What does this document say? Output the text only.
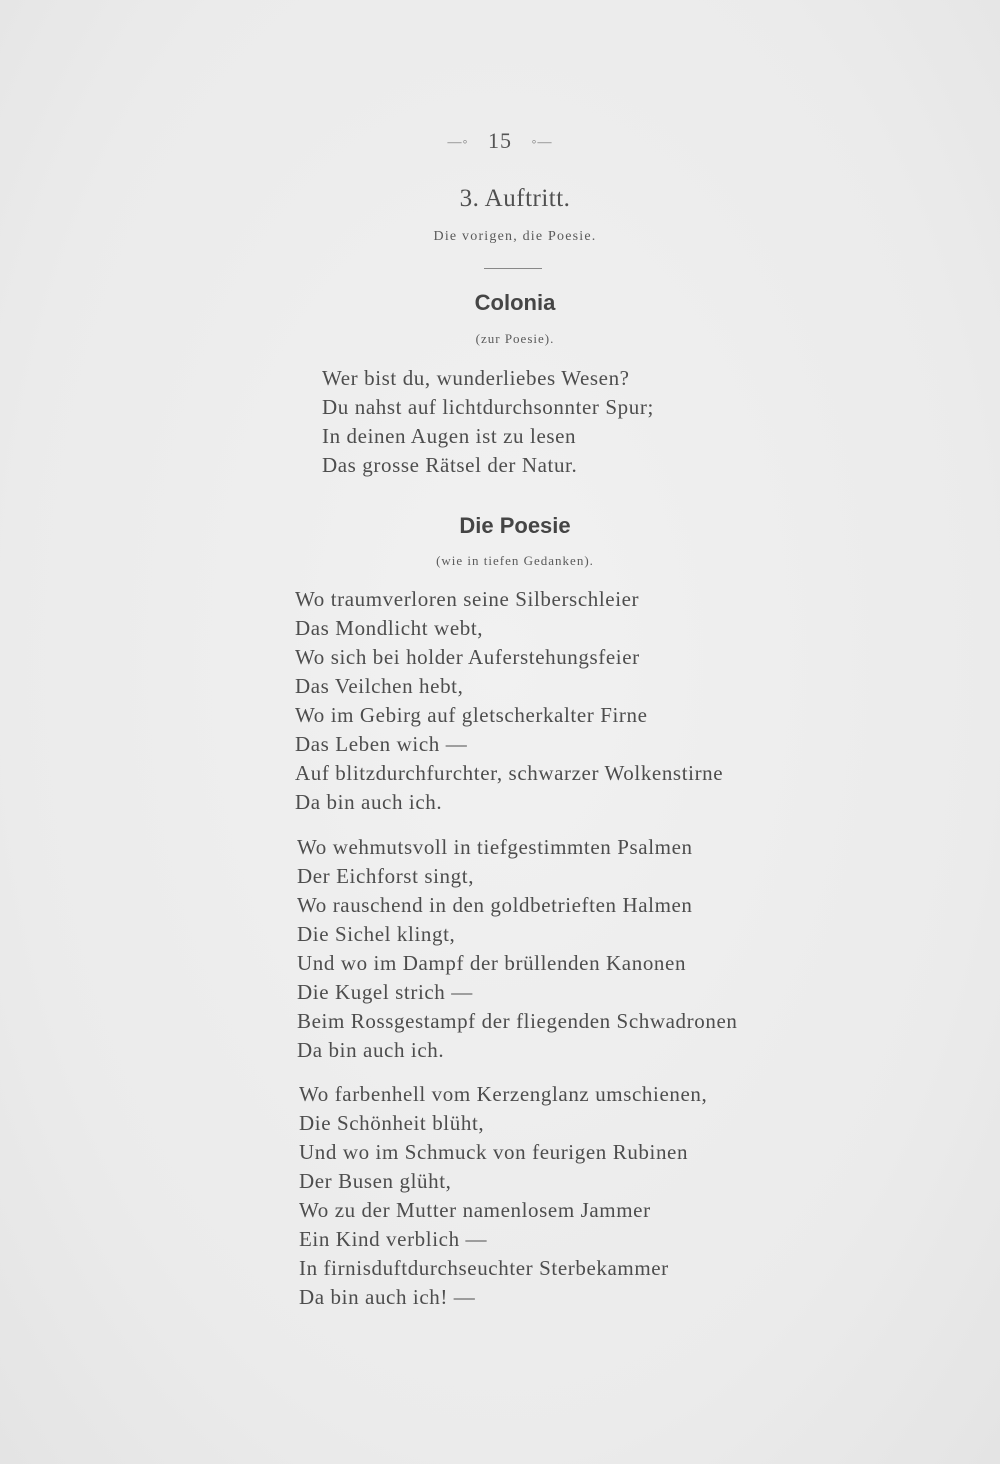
—◦ 15 ◦—
3. Auftritt.
Die vorigen, die Poesie.
Colonia
(zur Poesie).
Wer bist du, wunderliebes Wesen?
Du nahst auf lichtdurchsonnter Spur;
In deinen Augen ist zu lesen
Das grosse Rätsel der Natur.
Die Poesie
(wie in tiefen Gedanken).
Wo traumverloren seine Silberschleier
Das Mondlicht webt,
Wo sich bei holder Auferstehungsfeier
Das Veilchen hebt,
Wo im Gebirg auf gletscherkalter Firne
Das Leben wich —
Auf blitzdurchfurchter, schwarzer Wolkenstirne
Da bin auch ich.
Wo wehmutsvoll in tiefgestimmten Psalmen
Der Eichforst singt,
Wo rauschend in den goldbetrieften Halmen
Die Sichel klingt,
Und wo im Dampf der brüllenden Kanonen
Die Kugel strich —
Beim Rossgestampf der fliegenden Schwadronen
Da bin auch ich.
Wo farbenhell vom Kerzenglanz umschienen,
Die Schönheit blüht,
Und wo im Schmuck von feurigen Rubinen
Der Busen glüht,
Wo zu der Mutter namenlosem Jammer
Ein Kind verblich —
In firnisduftdurchseuchter Sterbekammer
Da bin auch ich! —
